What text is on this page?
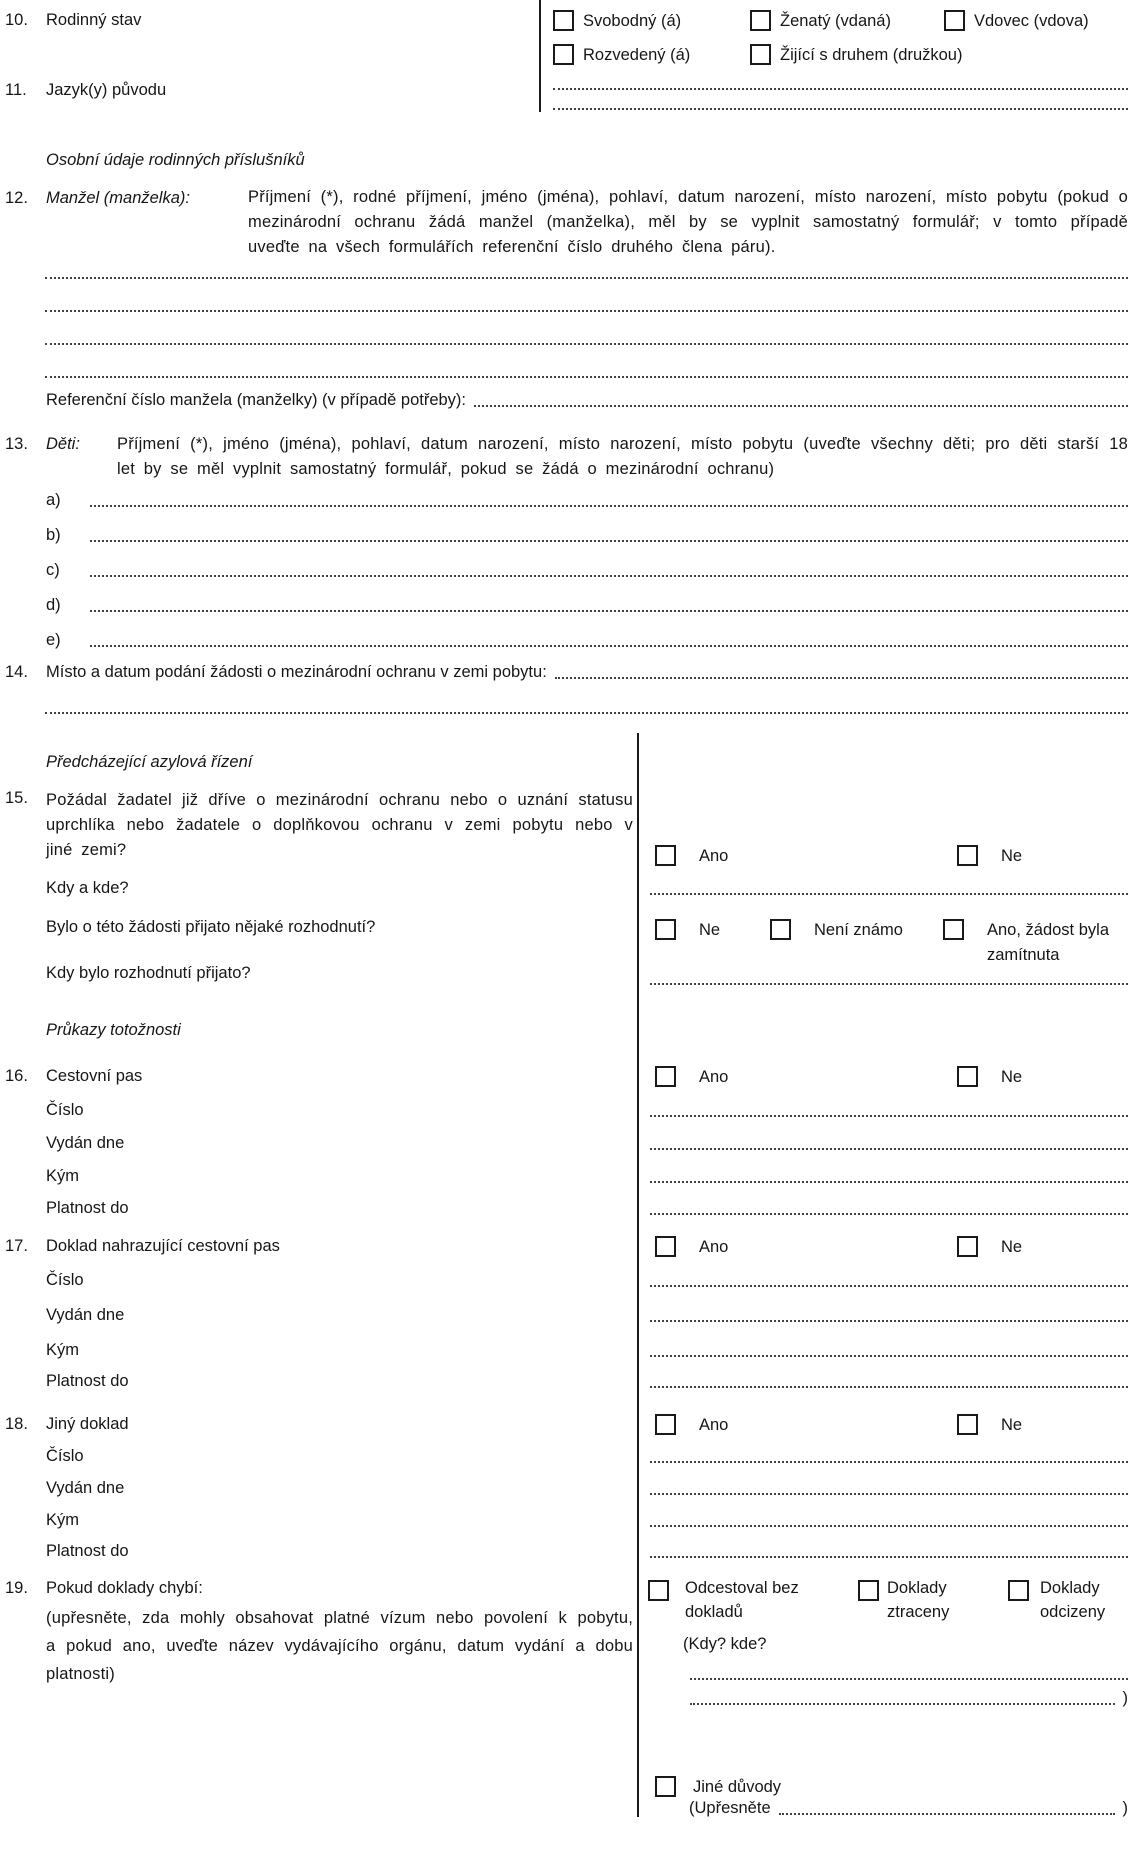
10. Rodinný stav	Svobodný (á)	Ženatý (vdaná)	Vdovec (vdova)
Rozvedený (á)	Žijící s druhem (družkou)
11. Jazyk(y) původu
Osobní údaje rodinných příslušníků
12. Manžel (manželka):	Příjmení (*), rodné příjmení, jméno (jména), pohlaví, datum narození, místo narození, místo pobytu (pokud o mezinárodní ochranu žádá manžel (manželka), měl by se vyplnit samostatný formulář; v tomto případě uveďte na všech formulářích referenční číslo druhého člena páru).
Referenční číslo manžela (manželky) (v případě potřeby):
13. Děti: Příjmení (*), jméno (jména), pohlaví, datum narození, místo narození, místo pobytu (uveďte všechny děti; pro děti starší 18 let by se měl vyplnit samostatný formulář, pokud se žádá o mezinárodní ochranu)
a)
b)
c)
d)
e)
14. Místo a datum podání žádosti o mezinárodní ochranu v zemi pobytu:
Předcházející azylová řízení
15. Požádal žadatel již dříve o mezinárodní ochranu nebo o uznání statusu uprchlíka nebo žadatele o doplňkovou ochranu v zemi pobytu nebo v jiné zemi?	Ano	Ne
Kdy a kde?
Bylo o této žádosti přijato nějaké rozhodnutí?	Ne	Není známo	Ano, žádost byla zamítnuta
Kdy bylo rozhodnutí přijato?
Průkazy totožnosti
16. Cestovní pas	Ano	Ne
Číslo
Vydán dne
Kým
Platnost do
17. Doklad nahrazující cestovní pas	Ano	Ne
Číslo
Vydán dne
Kým
Platnost do
18. Jiný doklad	Ano	Ne
Číslo
Vydán dne
Kým
Platnost do
19. Pokud doklady chybí:
(upřesněte, zda mohly obsahovat platné vízum nebo povolení k pobytu, a pokud ano, uveďte název vydávajícího orgánu, datum vydání a dobu platnosti)
Odcestoval bez dokladů
Doklady ztraceny
Doklady odcizeny
(Kdy? kde?
)
Jiné důvody
(Upřesněte	)
